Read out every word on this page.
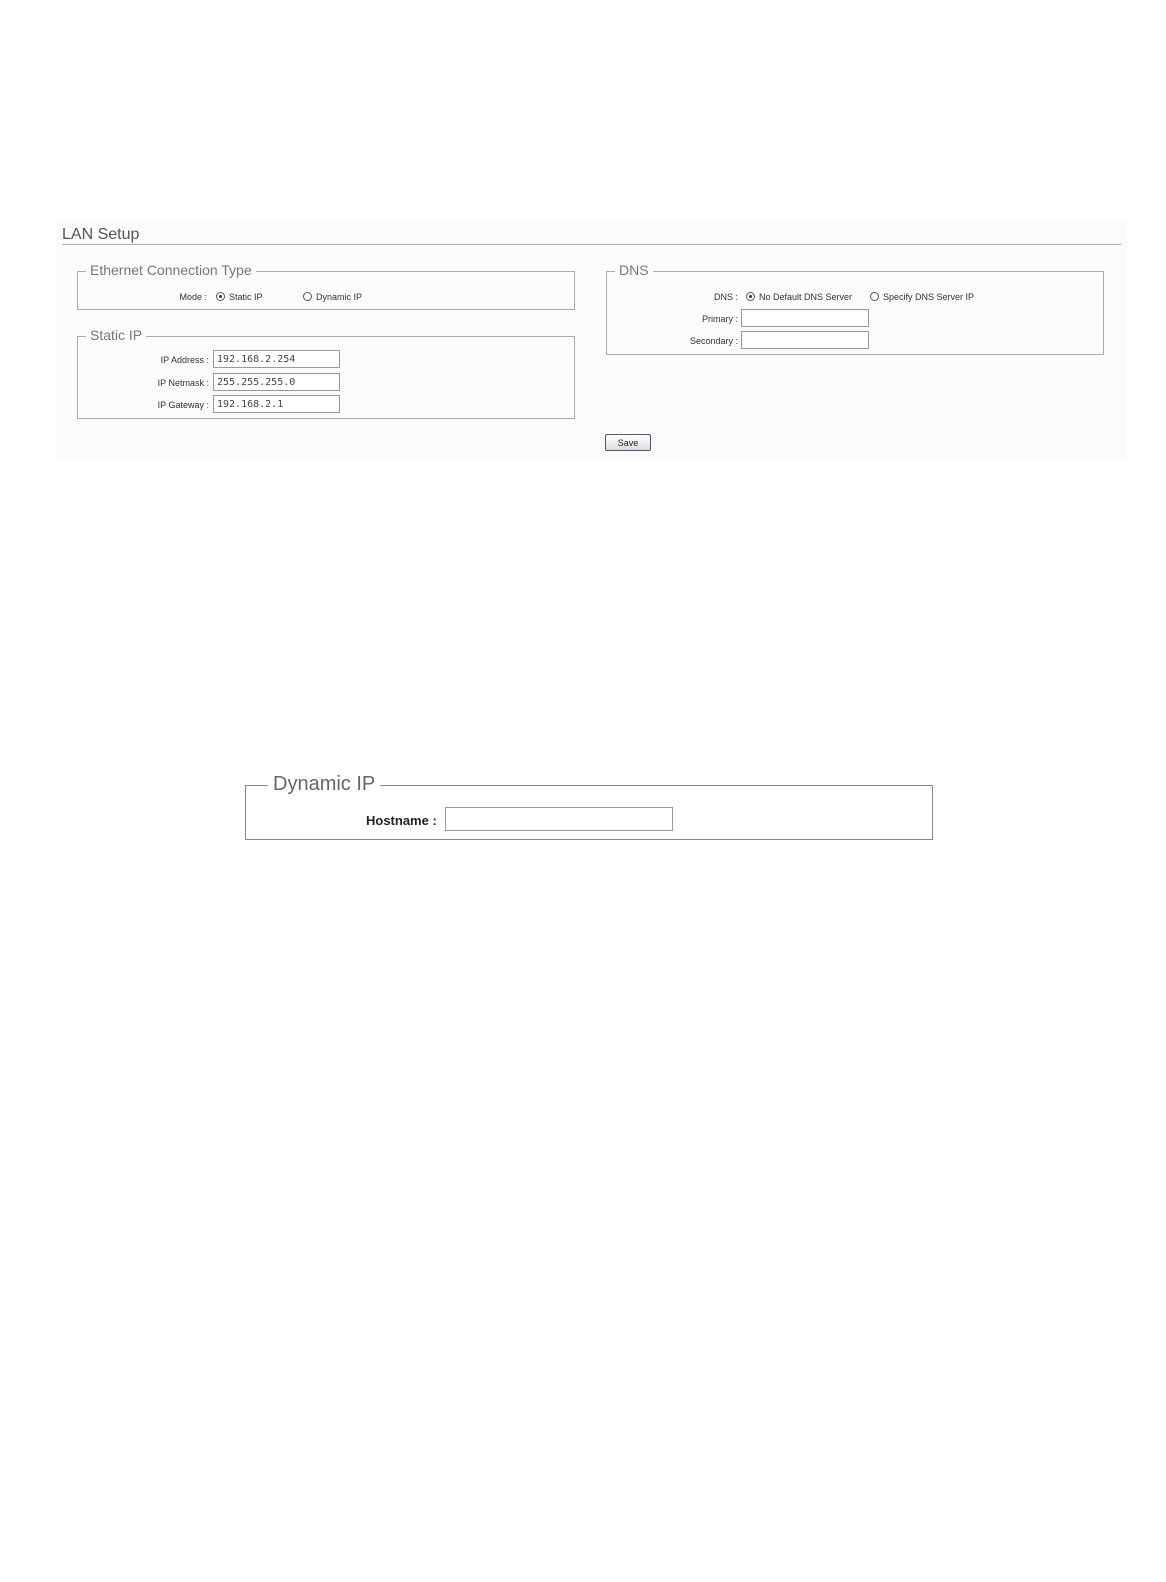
LAN Setup
Ethernet Connection Type
Mode : Static IP	Dynamic IP
Static IP
IP Address :
192.168.2.254
IP Netmask :
255.255.255.0
IP Gateway :
192.168.2.1
DNS
DNS : No Default DNS Server	Specify DNS Server IP
Primary :
Secondary :
Save
Dynamic IP
Hostname :
